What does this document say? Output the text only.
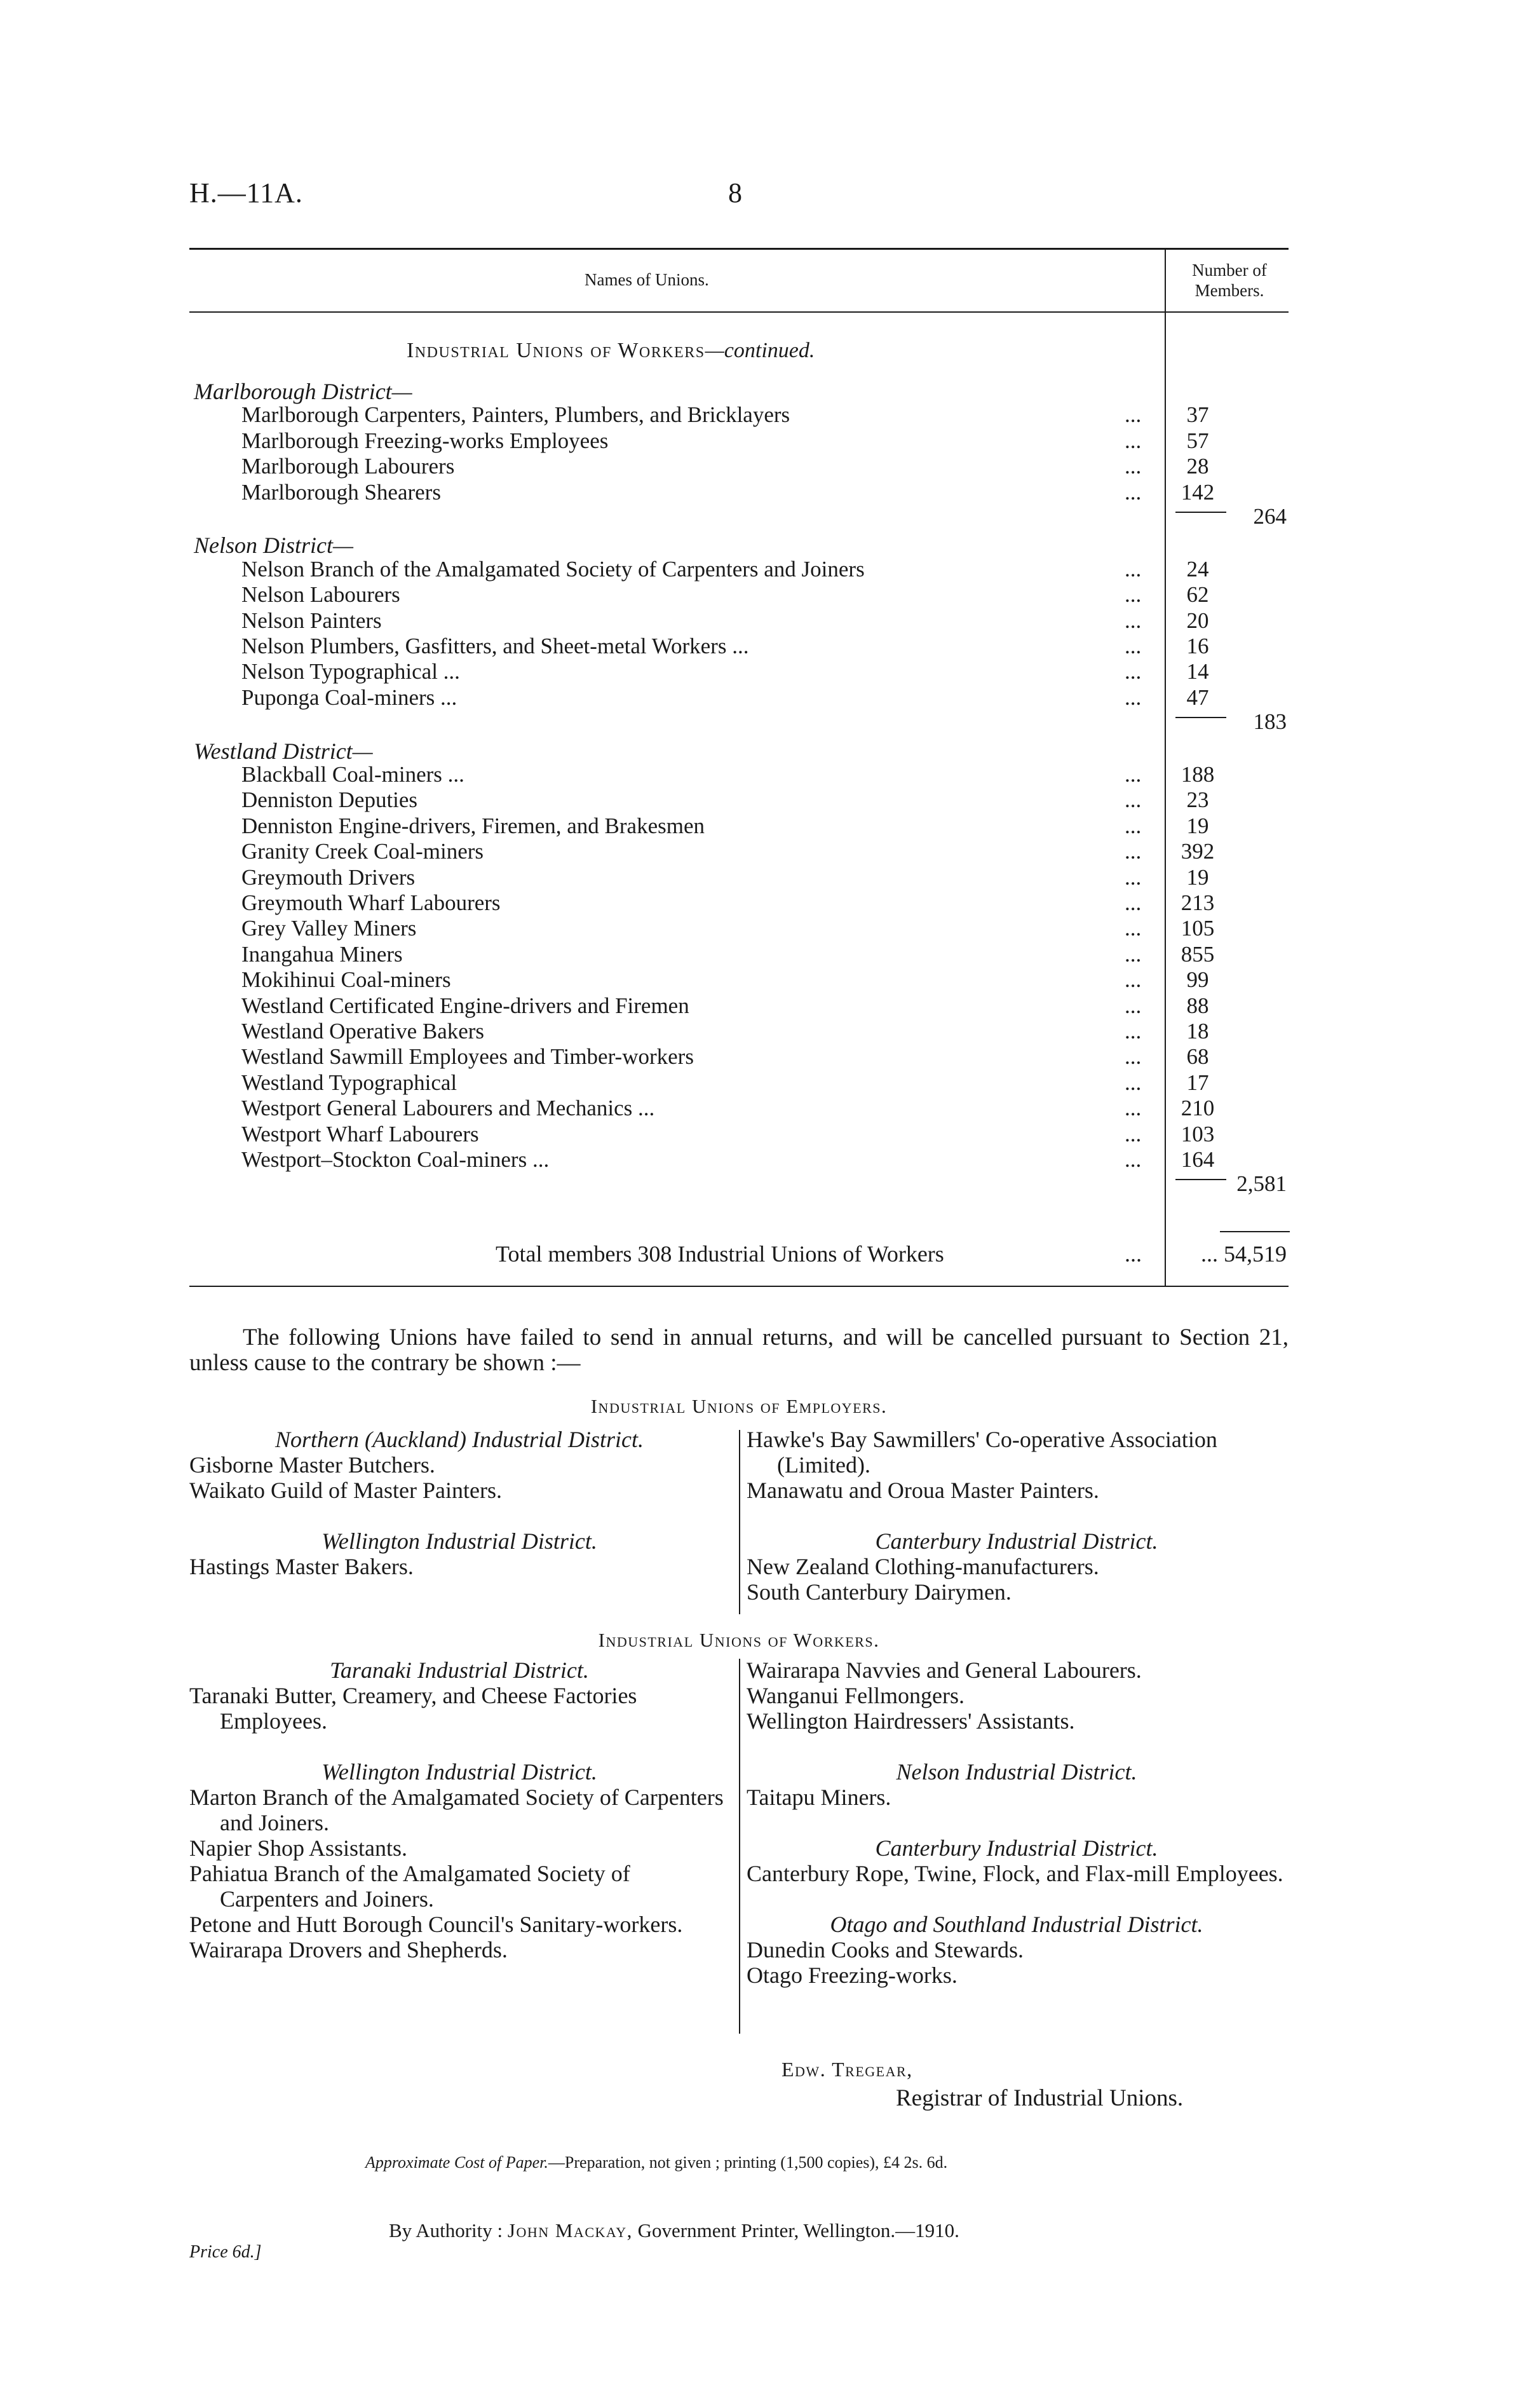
H.—11A.	8
Names of Unions.	Number of
Members.
Industrial Unions of Workers—continued.
Marlborough District—
Marlborough Carpenters, Painters, Plumbers, and Bricklayers	...	37
Marlborough Freezing-works Employees	...	57
Marlborough Labourers	...	28
Marlborough Shearers	...	142
264
Nelson District—
Nelson Branch of the Amalgamated Society of Carpenters and Joiners	...	24
Nelson Labourers	...	62
Nelson Painters	...	20
Nelson Plumbers, Gasfitters, and Sheet-metal Workers ...	...	16
Nelson Typographical ...	...	14
Puponga Coal-miners ...	...	47
183
Westland District—
Blackball Coal-miners ...	...	188
Denniston Deputies	...	23
Denniston Engine-drivers, Firemen, and Brakesmen	...	19
Granity Creek Coal-miners	...	392
Greymouth Drivers	...	19
Greymouth Wharf Labourers	...	213
Grey Valley Miners	...	105
Inangahua Miners	...	855
Mokihinui Coal-miners	...	99
Westland Certificated Engine-drivers and Firemen	...	88
Westland Operative Bakers	...	18
Westland Sawmill Employees and Timber-workers	...	68
Westland Typographical	...	17
Westport General Labourers and Mechanics ...	...	210
Westport Wharf Labourers	...	103
Westport–Stockton Coal-miners ...	...	164
2,581
Total members 308 Industrial Unions of Workers	...	... 54,519
The following Unions have failed to send in annual returns, and will be cancelled pursuant to Section 21, unless cause to the contrary be shown :—
Industrial Unions of Employers.
Northern (Auckland) Industrial District.
Gisborne Master Butchers.
Waikato Guild of Master Painters.
Wellington Industrial District.
Hastings Master Bakers.
Hawke's Bay Sawmillers' Co-operative Association (Limited).
Manawatu and Oroua Master Painters.
Canterbury Industrial District.
New Zealand Clothing-manufacturers.
South Canterbury Dairymen.
Industrial Unions of Workers.
Taranaki Industrial District.
Taranaki Butter, Creamery, and Cheese Factories Employees.
Wellington Industrial District.
Marton Branch of the Amalgamated Society of Carpenters and Joiners.
Napier Shop Assistants.
Pahiatua Branch of the Amalgamated Society of Carpenters and Joiners.
Petone and Hutt Borough Council's Sanitary-workers.
Wairarapa Drovers and Shepherds.
Wairarapa Navvies and General Labourers.
Wanganui Fellmongers.
Wellington Hairdressers' Assistants.
Nelson Industrial District.
Taitapu Miners.
Canterbury Industrial District.
Canterbury Rope, Twine, Flock, and Flax-mill Employees.
Otago and Southland Industrial District.
Dunedin Cooks and Stewards.
Otago Freezing-works.
Edw. Tregear,
Registrar of Industrial Unions.
Approximate Cost of Paper.—Preparation, not given ; printing (1,500 copies), £4 2s. 6d.
By Authority : John Mackay, Government Printer, Wellington.—1910.
Price 6d.]
